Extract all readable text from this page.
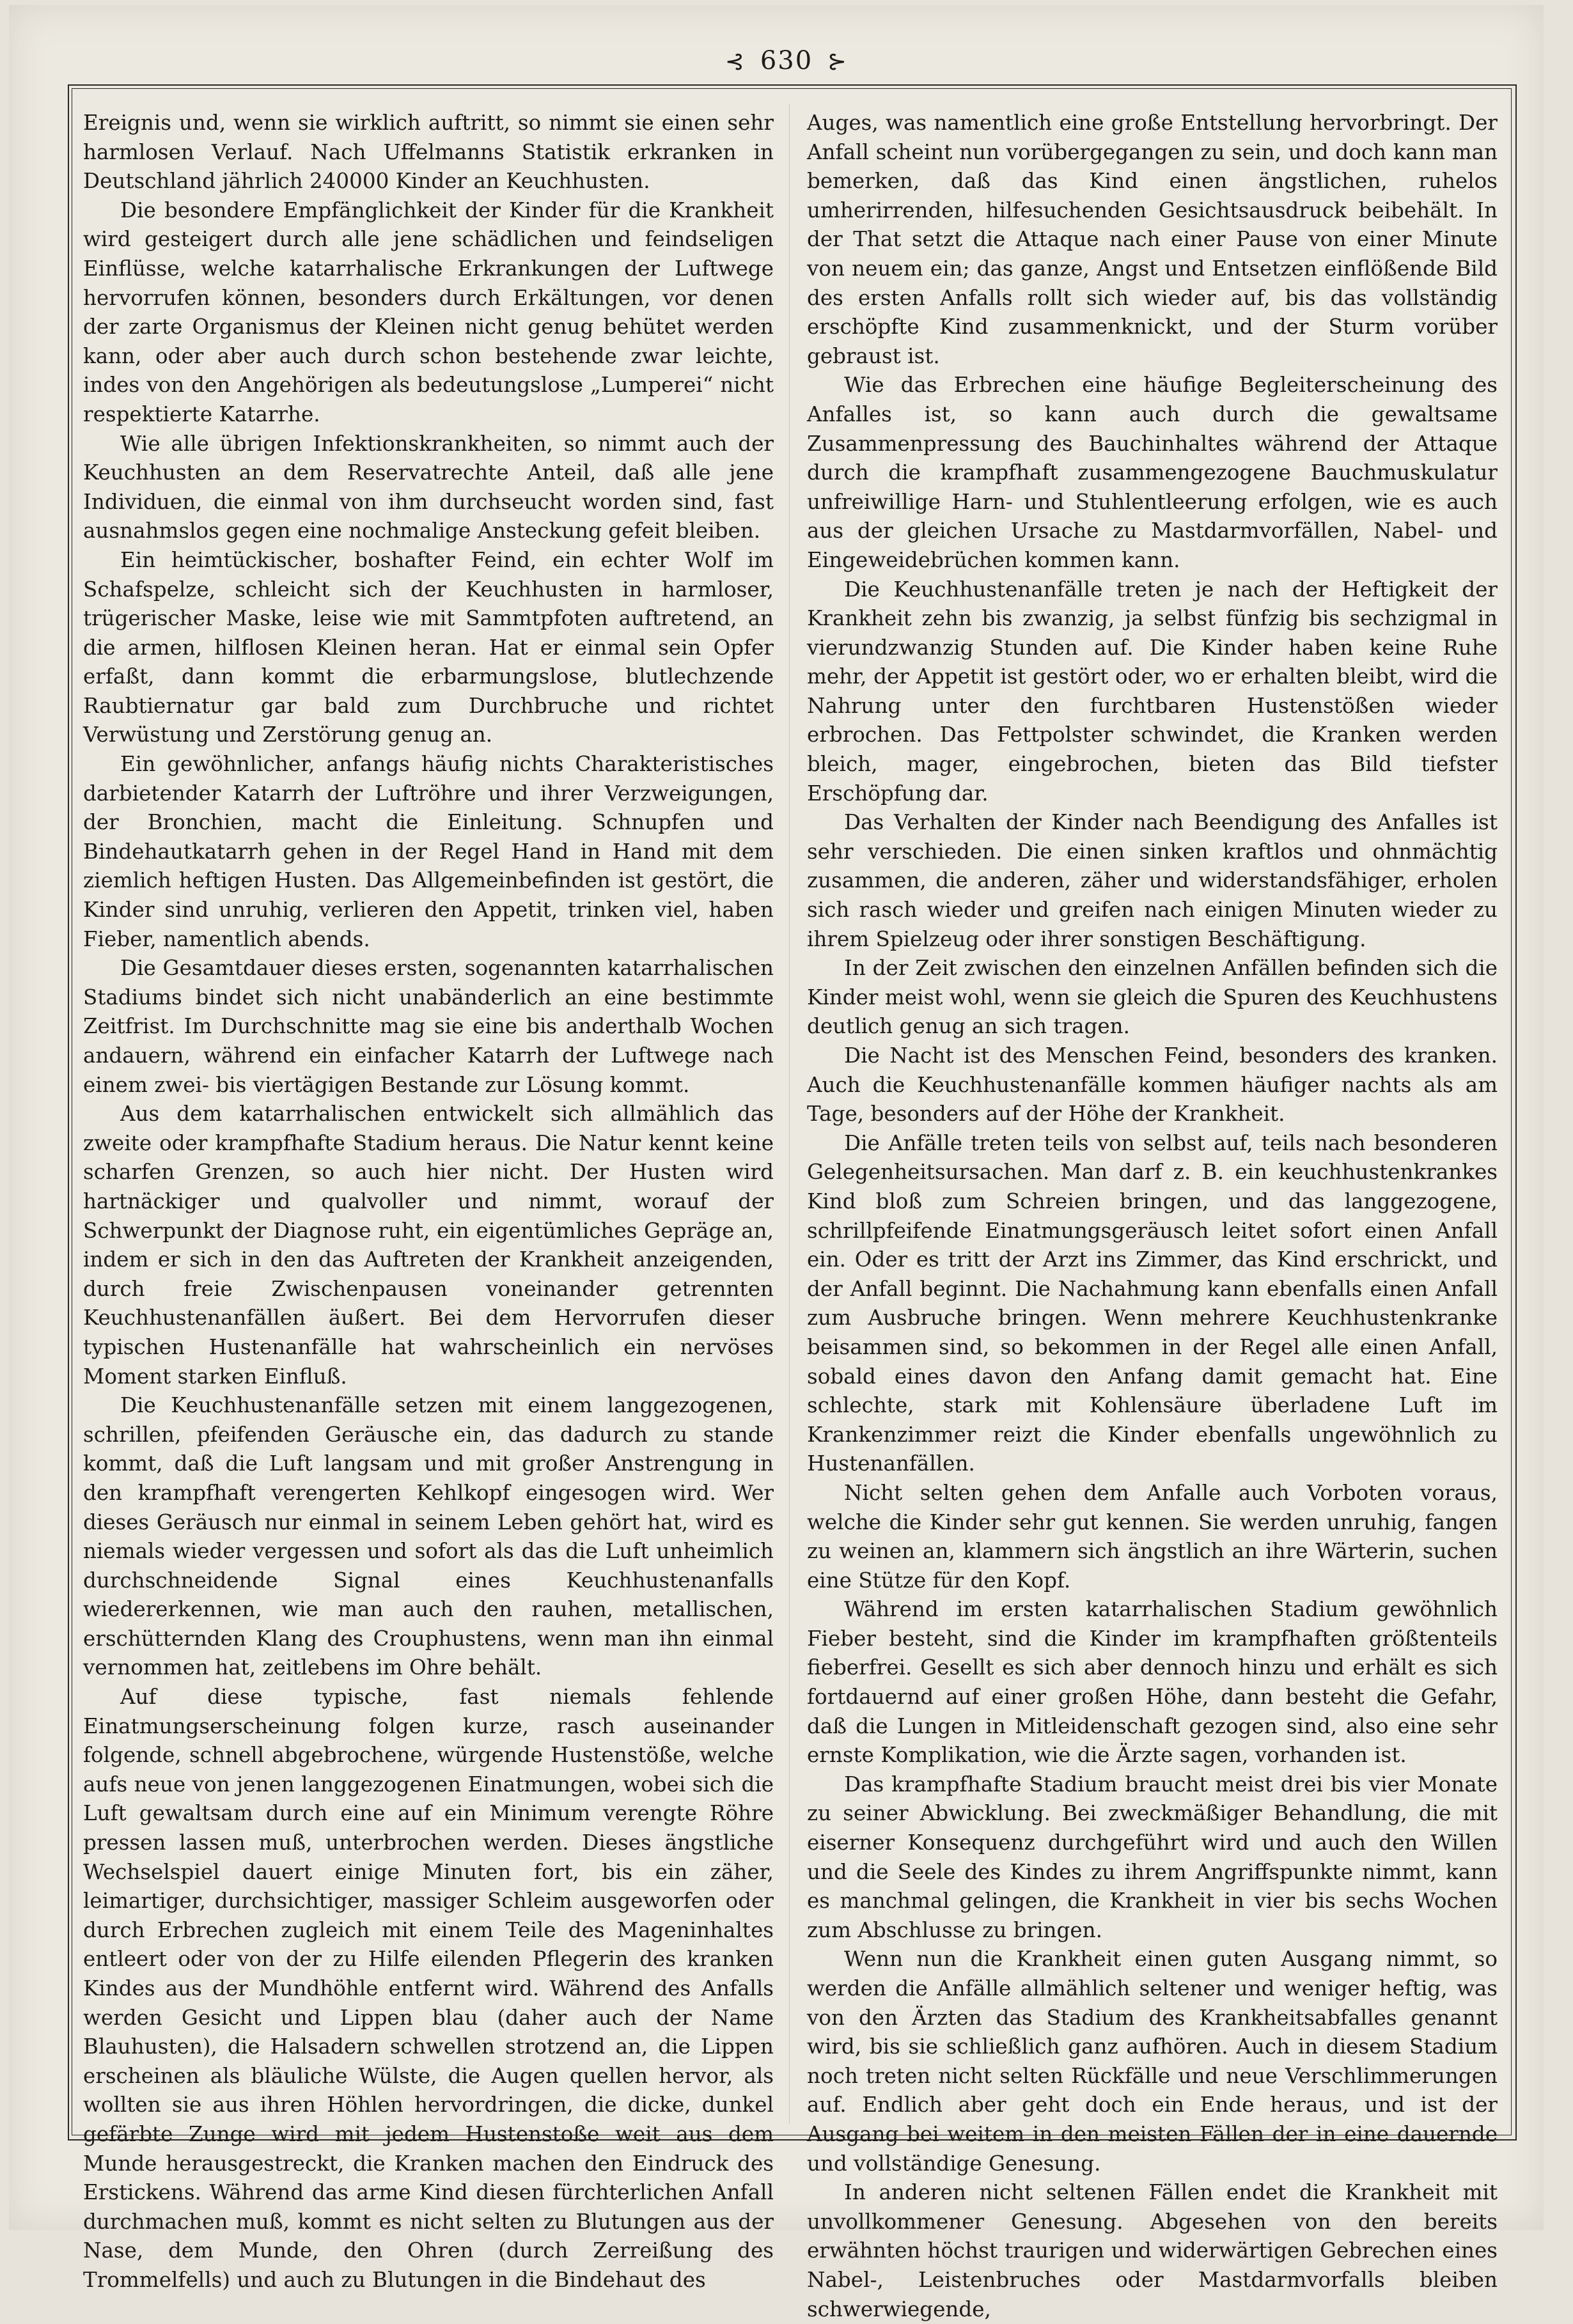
⊰ 630 ⊱

Ereignis und, wenn sie wirklich auftritt, so nimmt sie einen sehr harmlosen Verlauf. Nach Uffelmanns Statistik erkranken in Deutschland jährlich 240000 Kinder an Keuchhusten.

Die besondere Empfänglichkeit der Kinder für die Krankheit wird gesteigert durch alle jene schädlichen und feindseligen Einflüsse, welche katarrhalische Erkrankungen der Luftwege hervorrufen können, besonders durch Erkältungen, vor denen der zarte Organismus der Kleinen nicht genug behütet werden kann, oder aber auch durch schon bestehende zwar leichte, indes von den Angehörigen als bedeutungslose „Lumperei“ nicht respektierte Katarrhe.

Wie alle übrigen Infektionskrankheiten, so nimmt auch der Keuchhusten an dem Reservatrechte Anteil, daß alle jene Individuen, die einmal von ihm durchseucht worden sind, fast ausnahmslos gegen eine nochmalige Ansteckung gefeit bleiben.

Ein heimtückischer, boshafter Feind, ein echter Wolf im Schafspelze, schleicht sich der Keuchhusten in harmloser, trügerischer Maske, leise wie mit Sammtpfoten auftretend, an die armen, hilflosen Kleinen heran. Hat er einmal sein Opfer erfaßt, dann kommt die erbarmungslose, blutlechzende Raubtiernatur gar bald zum Durchbruche und richtet Verwüstung und Zerstörung genug an.

Ein gewöhnlicher, anfangs häufig nichts Charakteristisches darbietender Katarrh der Luftröhre und ihrer Verzweigungen, der Bronchien, macht die Einleitung. Schnupfen und Bindehautkatarrh gehen in der Regel Hand in Hand mit dem ziemlich heftigen Husten. Das Allgemeinbefinden ist gestört, die Kinder sind unruhig, verlieren den Appetit, trinken viel, haben Fieber, namentlich abends.

Die Gesamtdauer dieses ersten, sogenannten katarrhalischen Stadiums bindet sich nicht unabänderlich an eine bestimmte Zeitfrist. Im Durchschnitte mag sie eine bis anderthalb Wochen andauern, während ein einfacher Katarrh der Luftwege nach einem zwei- bis viertägigen Bestande zur Lösung kommt.

Aus dem katarrhalischen entwickelt sich allmählich das zweite oder krampfhafte Stadium heraus. Die Natur kennt keine scharfen Grenzen, so auch hier nicht. Der Husten wird hartnäckiger und qualvoller und nimmt, worauf der Schwerpunkt der Diagnose ruht, ein eigentümliches Gepräge an, indem er sich in den das Auftreten der Krankheit anzeigenden, durch freie Zwischenpausen voneinander getrennten Keuchhustenanfällen äußert. Bei dem Hervorrufen dieser typischen Hustenanfälle hat wahrscheinlich ein nervöses Moment starken Einfluß.

Die Keuchhustenanfälle setzen mit einem langgezogenen, schrillen, pfeifenden Geräusche ein, das dadurch zu stande kommt, daß die Luft langsam und mit großer Anstrengung in den krampfhaft verengerten Kehlkopf eingesogen wird. Wer dieses Geräusch nur einmal in seinem Leben gehört hat, wird es niemals wieder vergessen und sofort als das die Luft unheimlich durchschneidende Signal eines Keuchhustenanfalls wiedererkennen, wie man auch den rauhen, metallischen, erschütternden Klang des Crouphustens, wenn man ihn einmal vernommen hat, zeitlebens im Ohre behält.

Auf diese typische, fast niemals fehlende Einatmungserscheinung folgen kurze, rasch auseinander folgende, schnell abgebrochene, würgende Hustenstöße, welche aufs neue von jenen langgezogenen Einatmungen, wobei sich die Luft gewaltsam durch eine auf ein Minimum verengte Röhre pressen lassen muß, unterbrochen werden. Dieses ängstliche Wechselspiel dauert einige Minuten fort, bis ein zäher, leimartiger, durchsichtiger, massiger Schleim ausgeworfen oder durch Erbrechen zugleich mit einem Teile des Mageninhaltes entleert oder von der zu Hilfe eilenden Pflegerin des kranken Kindes aus der Mundhöhle entfernt wird. Während des Anfalls werden Gesicht und Lippen blau (daher auch der Name Blauhusten), die Halsadern schwellen strotzend an, die Lippen erscheinen als bläuliche Wülste, die Augen quellen hervor, als wollten sie aus ihren Höhlen hervordringen, die dicke, dunkel gefärbte Zunge wird mit jedem Hustenstoße weit aus dem Munde herausgestreckt, die Kranken machen den Eindruck des Erstickens. Während das arme Kind diesen fürchterlichen Anfall durchmachen muß, kommt es nicht selten zu Blutungen aus der Nase, dem Munde, den Ohren (durch Zerreißung des Trommelfells) und auch zu Blutungen in die Bindehaut des

Auges, was namentlich eine große Entstellung hervorbringt. Der Anfall scheint nun vorübergegangen zu sein, und doch kann man bemerken, daß das Kind einen ängstlichen, ruhelos umherirrenden, hilfesuchenden Gesichtsausdruck beibehält. In der That setzt die Attaque nach einer Pause von einer Minute von neuem ein; das ganze, Angst und Entsetzen einflößende Bild des ersten Anfalls rollt sich wieder auf, bis das vollständig erschöpfte Kind zusammenknickt, und der Sturm vorüber gebraust ist.

Wie das Erbrechen eine häufige Begleiterscheinung des Anfalles ist, so kann auch durch die gewaltsame Zusammenpressung des Bauchinhaltes während der Attaque durch die krampfhaft zusammengezogene Bauchmuskulatur unfreiwillige Harn- und Stuhlentleerung erfolgen, wie es auch aus der gleichen Ursache zu Mastdarmvorfällen, Nabel- und Eingeweidebrüchen kommen kann.

Die Keuchhustenanfälle treten je nach der Heftigkeit der Krankheit zehn bis zwanzig, ja selbst fünfzig bis sechzigmal in vierundzwanzig Stunden auf. Die Kinder haben keine Ruhe mehr, der Appetit ist gestört oder, wo er erhalten bleibt, wird die Nahrung unter den furchtbaren Hustenstößen wieder erbrochen. Das Fettpolster schwindet, die Kranken werden bleich, mager, eingebrochen, bieten das Bild tiefster Erschöpfung dar.

Das Verhalten der Kinder nach Beendigung des Anfalles ist sehr verschieden. Die einen sinken kraftlos und ohnmächtig zusammen, die anderen, zäher und widerstandsfähiger, erholen sich rasch wieder und greifen nach einigen Minuten wieder zu ihrem Spielzeug oder ihrer sonstigen Beschäftigung.

In der Zeit zwischen den einzelnen Anfällen befinden sich die Kinder meist wohl, wenn sie gleich die Spuren des Keuchhustens deutlich genug an sich tragen.

Die Nacht ist des Menschen Feind, besonders des kranken. Auch die Keuchhustenanfälle kommen häufiger nachts als am Tage, besonders auf der Höhe der Krankheit.

Die Anfälle treten teils von selbst auf, teils nach besonderen Gelegenheitsursachen. Man darf z. B. ein keuchhustenkrankes Kind bloß zum Schreien bringen, und das langgezogene, schrillpfeifende Einatmungsgeräusch leitet sofort einen Anfall ein. Oder es tritt der Arzt ins Zimmer, das Kind erschrickt, und der Anfall beginnt. Die Nachahmung kann ebenfalls einen Anfall zum Ausbruche bringen. Wenn mehrere Keuchhustenkranke beisammen sind, so bekommen in der Regel alle einen Anfall, sobald eines davon den Anfang damit gemacht hat. Eine schlechte, stark mit Kohlensäure überladene Luft im Krankenzimmer reizt die Kinder ebenfalls ungewöhnlich zu Hustenanfällen.

Nicht selten gehen dem Anfalle auch Vorboten voraus, welche die Kinder sehr gut kennen. Sie werden unruhig, fangen zu weinen an, klammern sich ängstlich an ihre Wärterin, suchen eine Stütze für den Kopf.

Während im ersten katarrhalischen Stadium gewöhnlich Fieber besteht, sind die Kinder im krampfhaften größtenteils fieberfrei. Gesellt es sich aber dennoch hinzu und erhält es sich fortdauernd auf einer großen Höhe, dann besteht die Gefahr, daß die Lungen in Mitleidenschaft gezogen sind, also eine sehr ernste Komplikation, wie die Ärzte sagen, vorhanden ist.

Das krampfhafte Stadium braucht meist drei bis vier Monate zu seiner Abwicklung. Bei zweckmäßiger Behandlung, die mit eiserner Konsequenz durchgeführt wird und auch den Willen und die Seele des Kindes zu ihrem Angriffspunkte nimmt, kann es manchmal gelingen, die Krankheit in vier bis sechs Wochen zum Abschlusse zu bringen.

Wenn nun die Krankheit einen guten Ausgang nimmt, so werden die Anfälle allmählich seltener und weniger heftig, was von den Ärzten das Stadium des Krankheitsabfalles genannt wird, bis sie schließlich ganz aufhören. Auch in diesem Stadium noch treten nicht selten Rückfälle und neue Verschlimmerungen auf. Endlich aber geht doch ein Ende heraus, und ist der Ausgang bei weitem in den meisten Fällen der in eine dauernde und vollständige Genesung.

In anderen nicht seltenen Fällen endet die Krankheit mit unvollkommener Genesung. Abgesehen von den bereits erwähnten höchst traurigen und widerwärtigen Gebrechen eines Nabel-, Leistenbruches oder Mastdarmvorfalls bleiben schwerwiegende,
